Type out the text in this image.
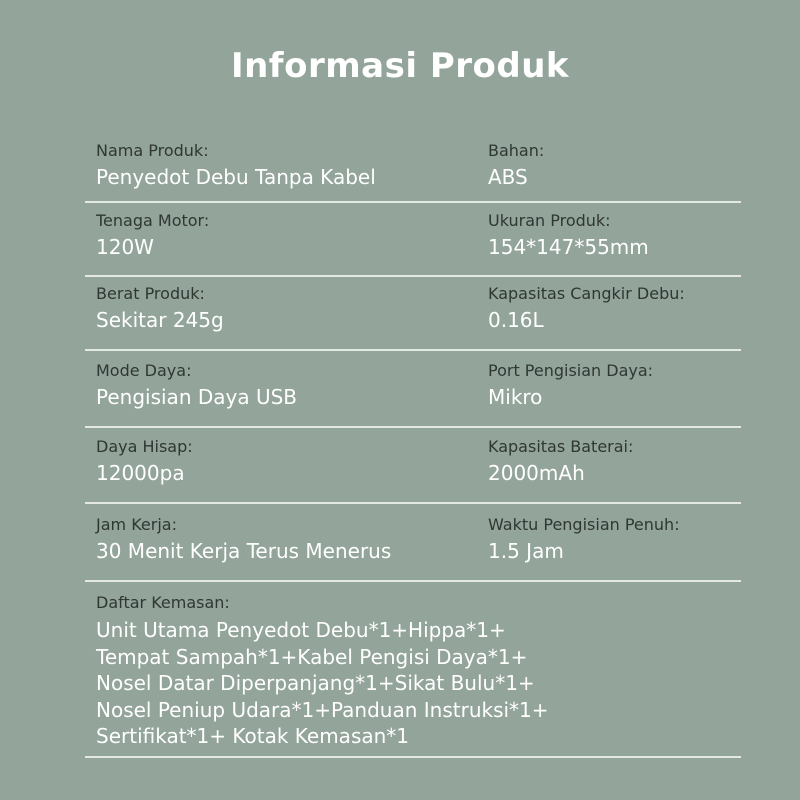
Informasi Produk
Nama Produk:
Penyedot Debu Tanpa Kabel
Bahan:
ABS
Tenaga Motor:
120W
Ukuran Produk:
154*147*55mm
Berat Produk:
Sekitar 245g
Kapasitas Cangkir Debu:
0.16L
Mode Daya:
Pengisian Daya USB
Port Pengisian Daya:
Mikro
Daya Hisap:
12000pa
Kapasitas Baterai:
2000mAh
Jam Kerja:
30 Menit Kerja Terus Menerus
Waktu Pengisian Penuh:
1.5 Jam
Daftar Kemasan:
Unit Utama Penyedot Debu*1+Hippa*1+
Tempat Sampah*1+Kabel Pengisi Daya*1+
Nosel Datar Diperpanjang*1+Sikat Bulu*1+
Nosel Peniup Udara*1+Panduan Instruksi*1+
Sertifikat*1+ Kotak Kemasan*1
